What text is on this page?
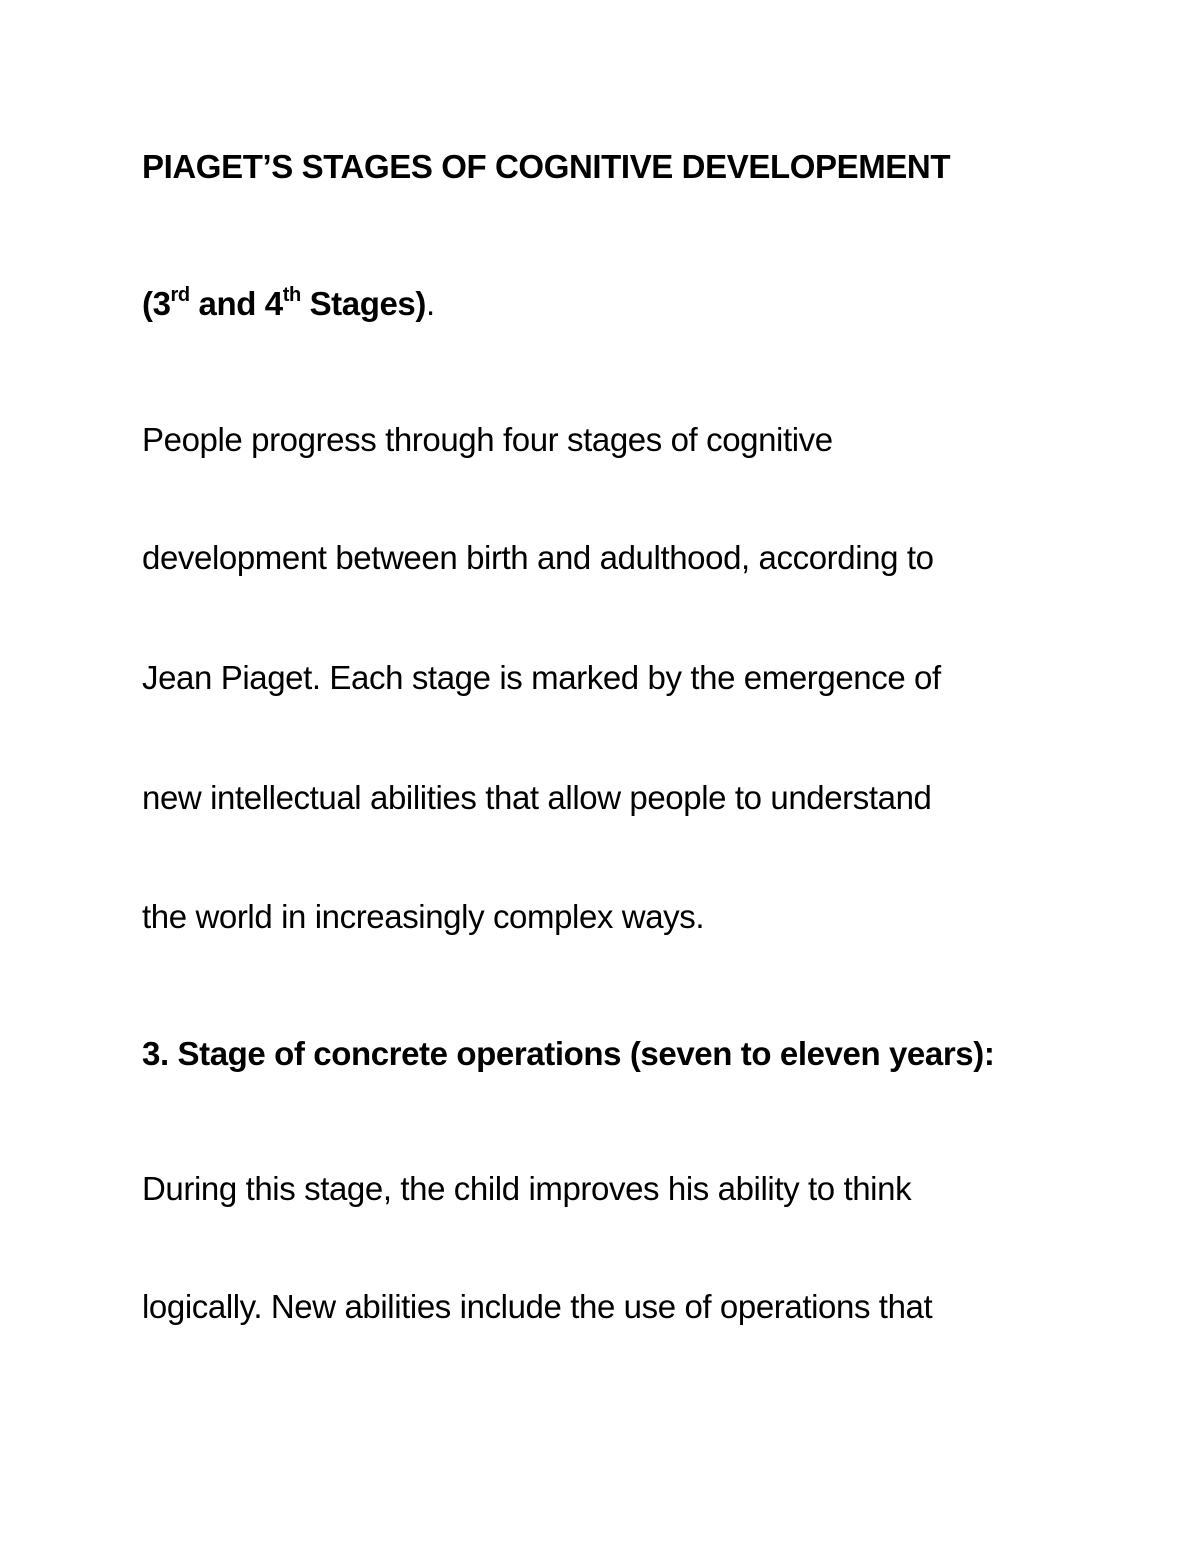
PIAGET’S STAGES OF COGNITIVE DEVELOPEMENT

(3rd and 4th Stages).

People progress through four stages of cognitive

development between birth and adulthood, according to

Jean Piaget. Each stage is marked by the emergence of

new intellectual abilities that allow people to understand

the world in increasingly complex ways.

3. Stage of concrete operations (seven to eleven years):

During this stage, the child improves his ability to think

logically. New abilities include the use of operations that
